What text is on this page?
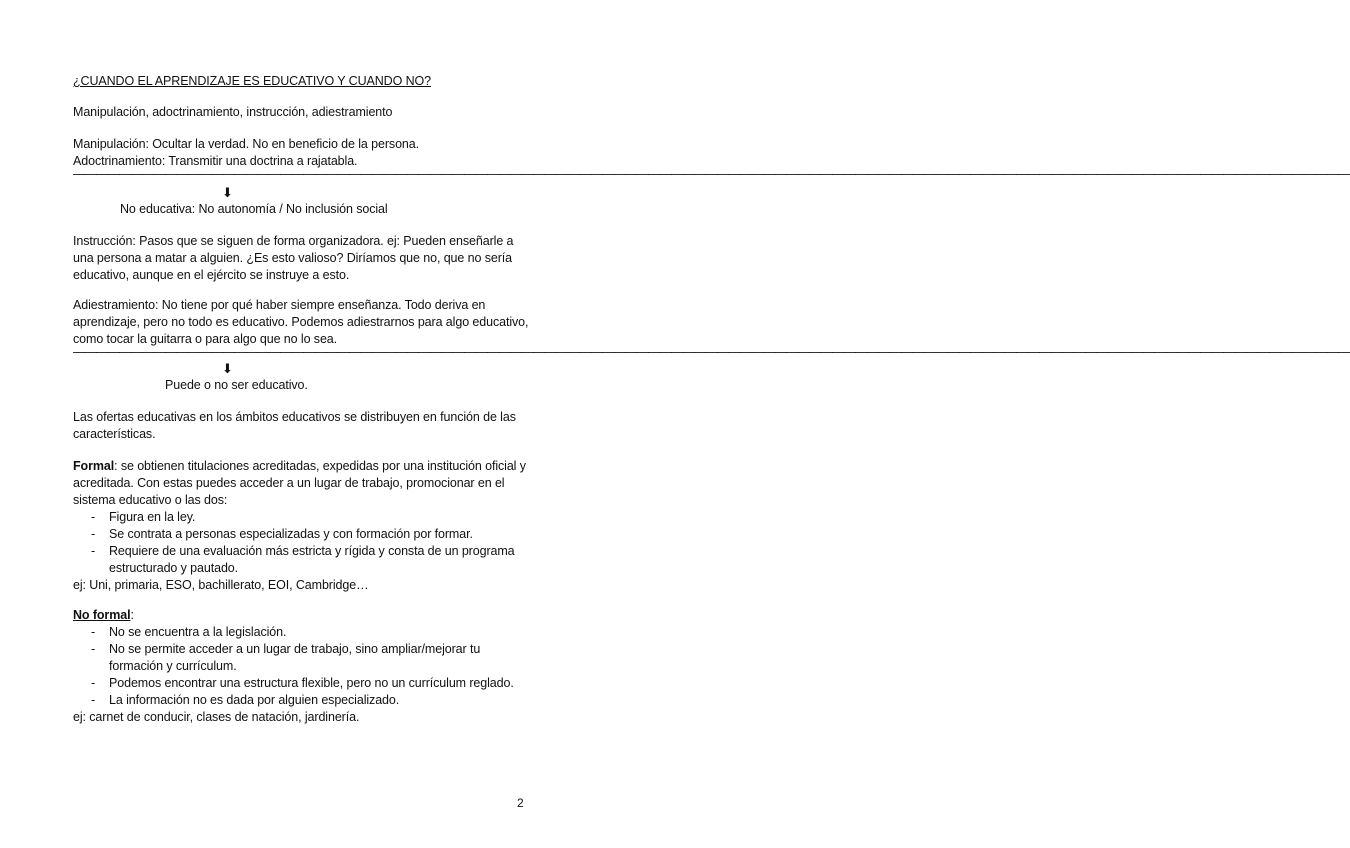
¿CUANDO EL APRENDIZAJE ES EDUCATIVO Y CUANDO NO?
Manipulación, adoctrinamiento, instrucción, adiestramiento
Manipulación: Ocultar la verdad. No en beneficio de la persona.
Adoctrinamiento: Transmitir una doctrina a rajatabla.
———————————————————————————————————————————————————————————————————————————————————————————————————————————————
⬇
No educativa: No autonomía / No inclusión social
Instrucción: Pasos que se siguen de forma organizadora. ej: Pueden enseñarle a
una persona a matar a alguien. ¿Es esto valioso? Diríamos que no, que no sería
educativo, aunque en el ejército se instruye a esto.
Adiestramiento: No tiene por qué haber siempre enseñanza. Todo deriva en
aprendizaje, pero no todo es educativo. Podemos adiestrarnos para algo educativo,
como tocar la guitarra o para algo que no lo sea.
———————————————————————————————————————————————————————————————————————————————————————————————————————————————
⬇
Puede o no ser educativo.
Las ofertas educativas en los ámbitos educativos se distribuyen en función de las
características.
Formal: se obtienen titulaciones acreditadas, expedidas por una institución oficial y
acreditada. Con estas puedes acceder a un lugar de trabajo, promocionar en el
sistema educativo o las dos:
- Figura en la ley.
- Se contrata a personas especializadas y con formación por formar.
- Requiere de una evaluación más estricta y rígida y consta de un programa
estructurado y pautado.
ej: Uni, primaria, ESO, bachillerato, EOI, Cambridge…
No formal:
- No se encuentra a la legislación.
- No se permite acceder a un lugar de trabajo, sino ampliar/mejorar tu
formación y currículum.
- Podemos encontrar una estructura flexible, pero no un currículum reglado.
- La información no es dada por alguien especializado.
ej: carnet de conducir, clases de natación, jardinería.
2
